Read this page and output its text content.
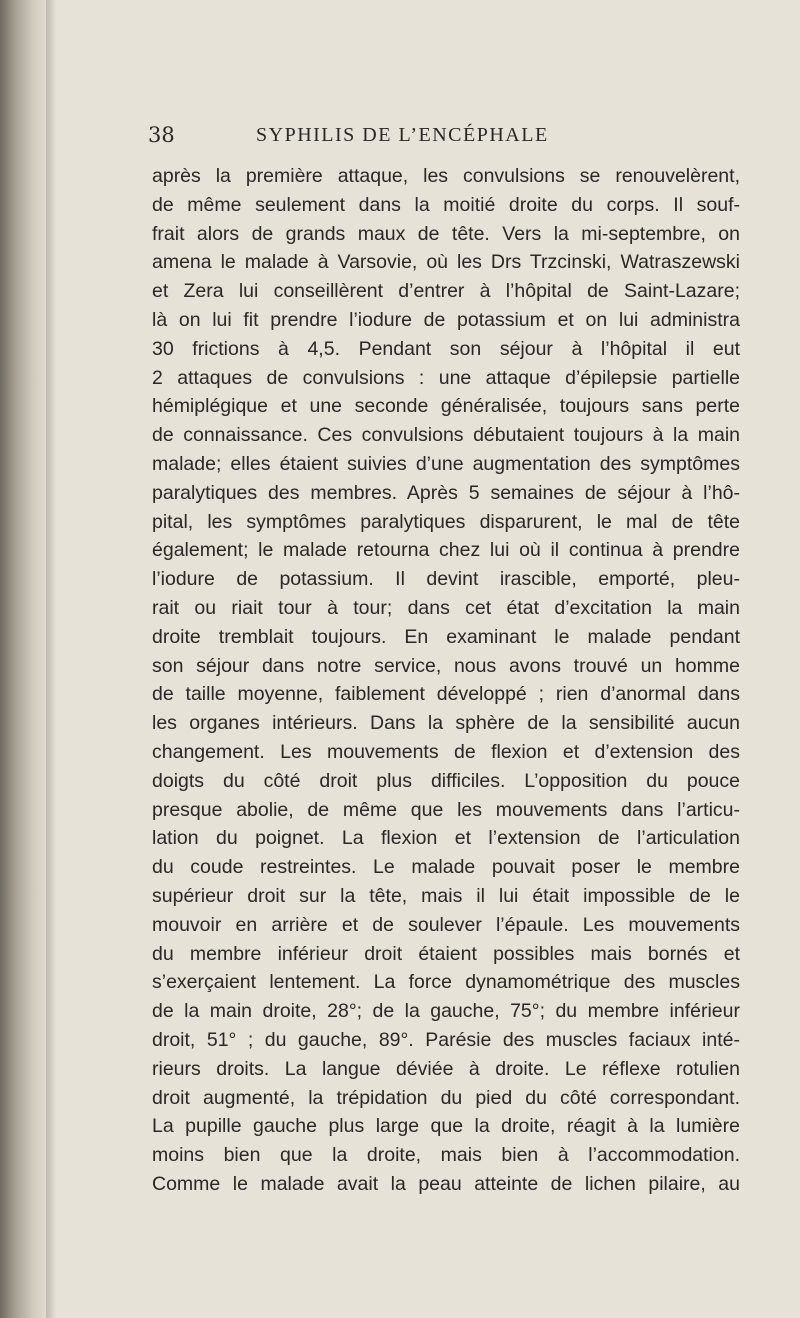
38	SYPHILIS DE L’ENCÉPHALE
après la première attaque, les convulsions se renouvelèrent,
de même seulement dans la moitié droite du corps. Il souf-
frait alors de grands maux de tête. Vers la mi-septembre, on
amena le malade à Varsovie, où les Drs Trzcinski, Watraszewski
et Zera lui conseillèrent d’entrer à l’hôpital de Saint-Lazare;
là on lui fit prendre l’iodure de potassium et on lui administra
30 frictions à 4,5. Pendant son séjour à l’hôpital il eut
2 attaques de convulsions : une attaque d’épilepsie partielle
hémiplégique et une seconde généralisée, toujours sans perte
de connaissance. Ces convulsions débutaient toujours à la main
malade; elles étaient suivies d’une augmentation des symptômes
paralytiques des membres. Après 5 semaines de séjour à l’hô-
pital, les symptômes paralytiques disparurent, le mal de tête
également; le malade retourna chez lui où il continua à prendre
l’iodure de potassium. Il devint irascible, emporté, pleu-
rait ou riait tour à tour; dans cet état d’excitation la main
droite tremblait toujours. En examinant le malade pendant
son séjour dans notre service, nous avons trouvé un homme
de taille moyenne, faiblement développé ; rien d’anormal dans
les organes intérieurs. Dans la sphère de la sensibilité aucun
changement. Les mouvements de flexion et d’extension des
doigts du côté droit plus difficiles. L’opposition du pouce
presque abolie, de même que les mouvements dans l’articu-
lation du poignet. La flexion et l’extension de l’articulation
du coude restreintes. Le malade pouvait poser le membre
supérieur droit sur la tête, mais il lui était impossible de le
mouvoir en arrière et de soulever l’épaule. Les mouvements
du membre inférieur droit étaient possibles mais bornés et
s’exerçaient lentement. La force dynamométrique des muscles
de la main droite, 28°; de la gauche, 75°; du membre inférieur
droit, 51° ; du gauche, 89°. Parésie des muscles faciaux inté-
rieurs droits. La langue déviée à droite. Le réflexe rotulien
droit augmenté, la trépidation du pied du côté correspondant.
La pupille gauche plus large que la droite, réagit à la lumière
moins bien que la droite, mais bien à l’accommodation.
Comme le malade avait la peau atteinte de lichen pilaire, au
